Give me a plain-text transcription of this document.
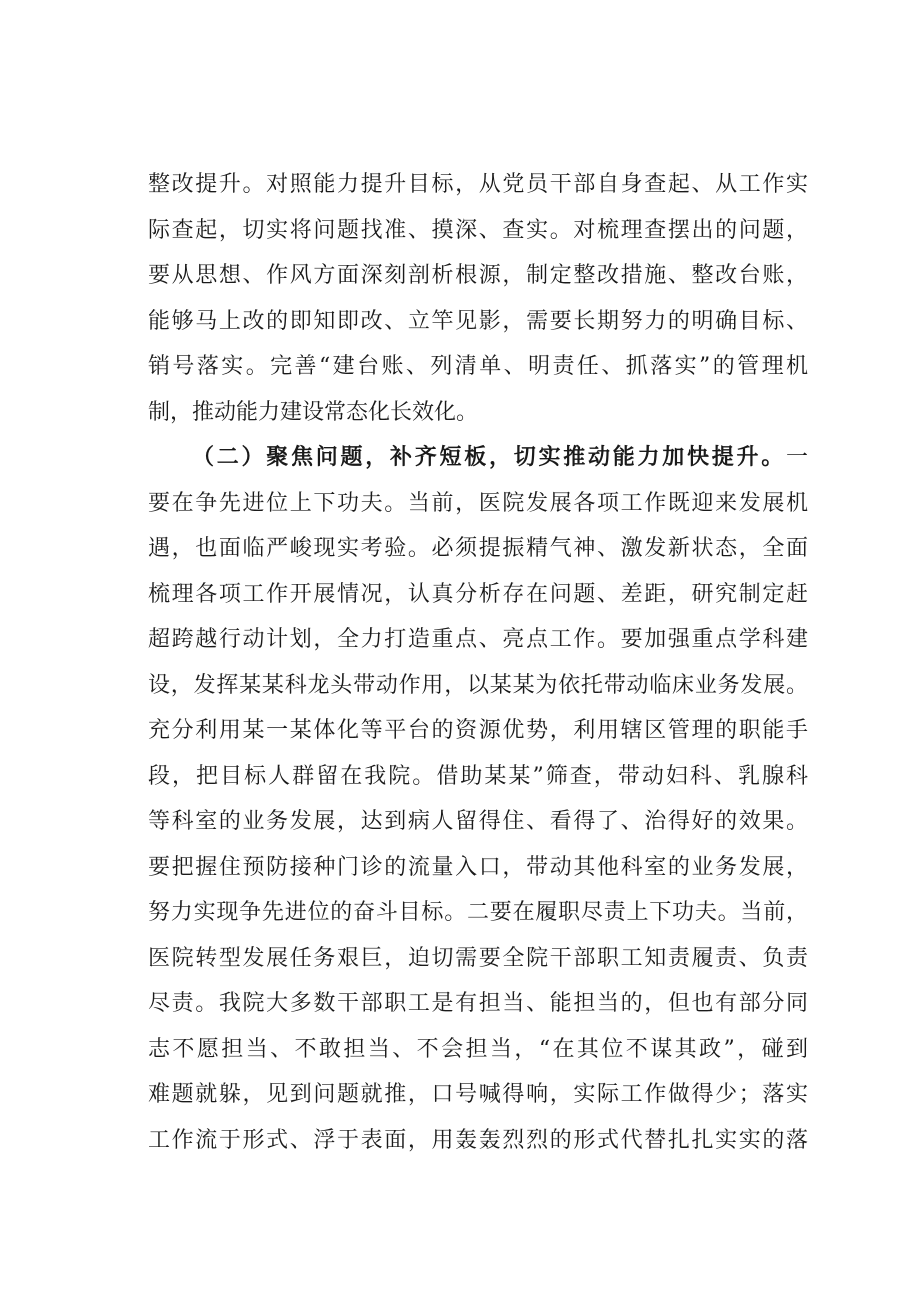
整改提升。对照能力提升目标，从党员干部自身查起、从工作实
际查起，切实将问题找准、摸深、查实。对梳理查摆出的问题，
要从思想、作风方面深刻剖析根源，制定整改措施、整改台账，
能够马上改的即知即改、立竿见影，需要长期努力的明确目标、
销号落实。完善“建台账、列清单、明责任、抓落实”的管理机
制，推动能力建设常态化长效化。
（二）聚焦问题，补齐短板，切实推动能力加快提升。一
要在争先进位上下功夫。当前，医院发展各项工作既迎来发展机
遇，也面临严峻现实考验。必须提振精气神、激发新状态，全面
梳理各项工作开展情况，认真分析存在问题、差距，研究制定赶
超跨越行动计划，全力打造重点、亮点工作。要加强重点学科建
设，发挥某某科龙头带动作用，以某某为依托带动临床业务发展。
充分利用某一某体化等平台的资源优势，利用辖区管理的职能手
段，把目标人群留在我院。借助某某”筛查，带动妇科、乳腺科
等科室的业务发展，达到病人留得住、看得了、治得好的效果。
要把握住预防接种门诊的流量入口，带动其他科室的业务发展，
努力实现争先进位的奋斗目标。二要在履职尽责上下功夫。当前，
医院转型发展任务艰巨，迫切需要全院干部职工知责履责、负责
尽责。我院大多数干部职工是有担当、能担当的，但也有部分同
志不愿担当、不敢担当、不会担当，“在其位不谋其政”，碰到
难题就躲，见到问题就推，口号喊得响，实际工作做得少；落实
工作流于形式、浮于表面，用轰轰烈烈的形式代替扎扎实实的落
